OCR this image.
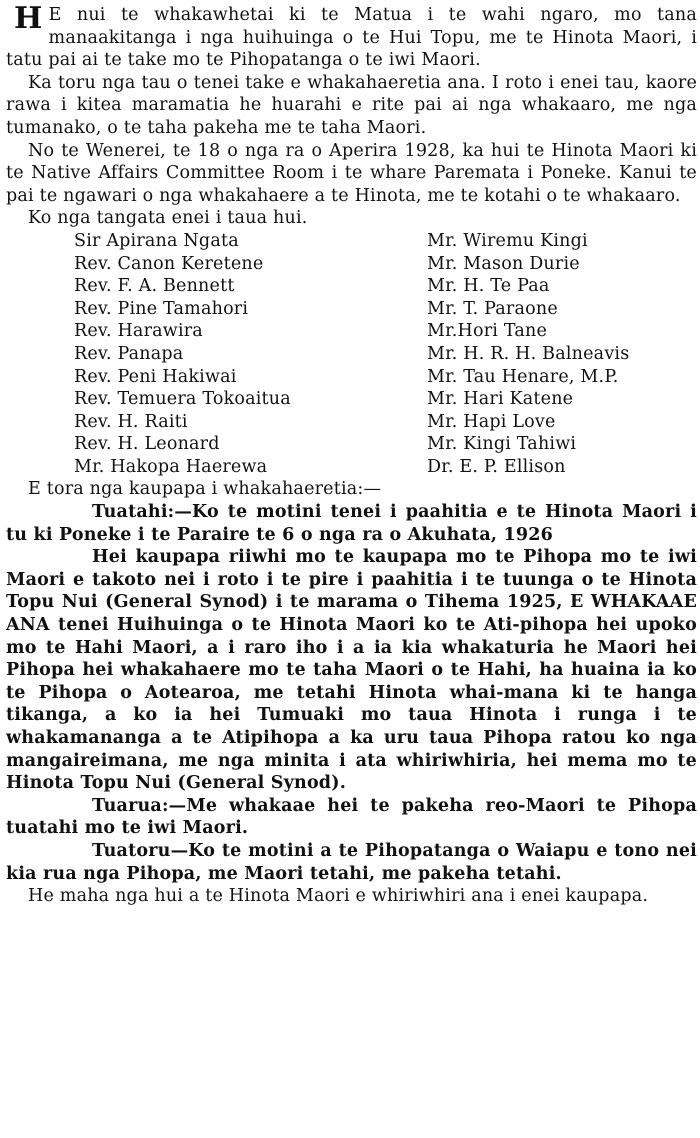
H E nui te whakawhetai ki te Matua i te wahi ngaro, mo tana manaakitanga i nga huihuinga o te Hui Topu, me te Hinota Maori, i tatu pai ai te take mo te Pihopatanga o te iwi Maori.

Ka toru nga tau o tenei take e whakahaeretia ana. I roto i enei tau, kaore rawa i kitea maramatia he huarahi e rite pai ai nga whakaaro, me nga tumanako, o te taha pakeha me te taha Maori.

No te Wenerei, te 18 o nga ra o Aperira 1928, ka hui te Hinota Maori ki te Native Affairs Committee Room i te whare Paremata i Poneke. Kanui te pai te ngawari o nga whakahaere a te Hinota, me te kotahi o te whakaaro.

Ko nga tangata enei i taua hui.

Sir Apirana Ngata	Mr. Wiremu Kingi
Rev. Canon Keretene	Mr. Mason Durie
Rev. F. A. Bennett	Mr. H. Te Paa
Rev. Pine Tamahori	Mr. T. Paraone
Rev. Harawira	Mr.Hori Tane
Rev. Panapa	Mr. H. R. H. Balneavis
Rev. Peni Hakiwai	Mr. Tau Henare, M.P.
Rev. Temuera Tokoaitua	Mr. Hari Katene
Rev. H. Raiti	Mr. Hapi Love
Rev. H. Leonard	Mr. Kingi Tahiwi
Mr. Hakopa Haerewa	Dr. E. P. Ellison

E tora nga kaupapa i whakahaeretia:—

Tuatahi:—Ko te motini tenei i paahitia e te Hinota Maori i tu ki Poneke i te Paraire te 6 o nga ra o Akuhata, 1926

Hei kaupapa riiwhi mo te kaupapa mo te Pihopa mo te iwi Maori e takoto nei i roto i te pire i paahitia i te tuunga o te Hinota Topu Nui (General Synod) i te marama o Tihema 1925, E WHAKAAE ANA tenei Huihuinga o te Hinota Maori ko te Ati-pihopa hei upoko mo te Hahi Maori, a i raro iho i a ia kia whakaturia he Maori hei Pihopa hei whakahaere mo te taha Maori o te Hahi, ha huaina ia ko te Pihopa o Aotearoa, me tetahi Hinota whai-mana ki te hanga tikanga, a ko ia hei Tumuaki mo taua Hinota i runga i te whakamananga a te Atipihopa a ka uru taua Pihopa ratou ko nga mangaireimana, me nga minita i ata whiriwhiria, hei mema mo te Hinota Topu Nui (General Synod).

Tuarua:—Me whakaae hei te pakeha reo-Maori te Pihopa tuatahi mo te iwi Maori.

Tuatoru—Ko te motini a te Pihopatanga o Waiapu e tono nei kia rua nga Pihopa, me Maori tetahi, me pakeha tetahi.

He maha nga hui a te Hinota Maori e whiriwhiri ana i enei kaupapa.
